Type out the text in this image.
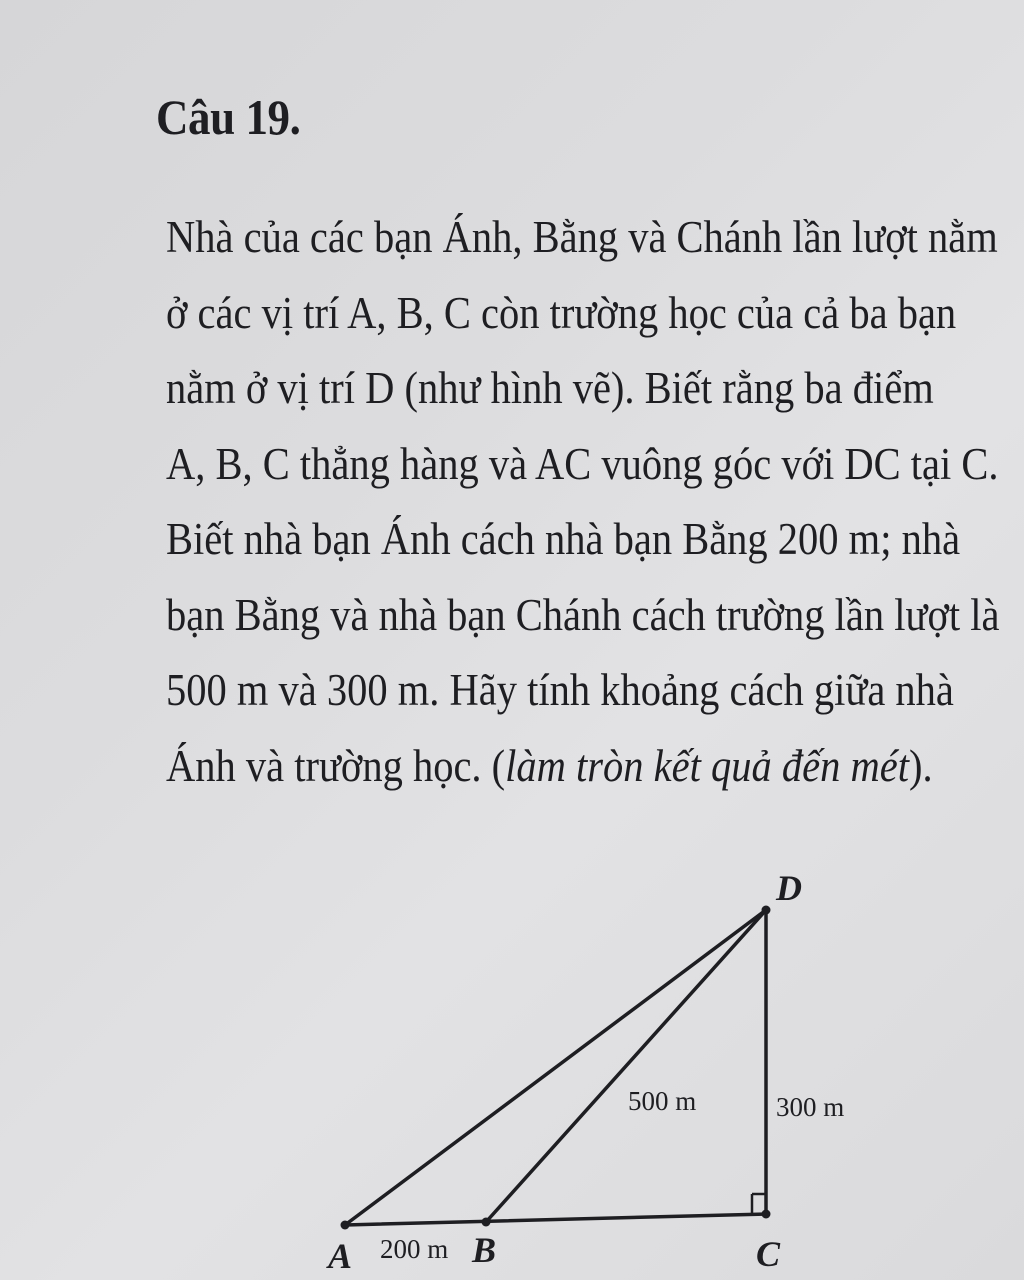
Câu 19.
Nhà của các bạn Ánh, Bằng và Chánh lần lượt nằm
ở các vị trí A, B, C còn trường học của cả ba bạn
nằm ở vị trí D (như hình vẽ). Biết rằng ba điểm
A, B, C thẳng hàng và AC vuông góc với DC tại C.
Biết nhà bạn Ánh cách nhà bạn Bằng 200 m; nhà
bạn Bằng và nhà bạn Chánh cách trường lần lượt là
500 m và 300 m. Hãy tính khoảng cách giữa nhà
Ánh và trường học. (làm tròn kết quả đến mét).
A	B	C
D
200 m
500 m	300 m
